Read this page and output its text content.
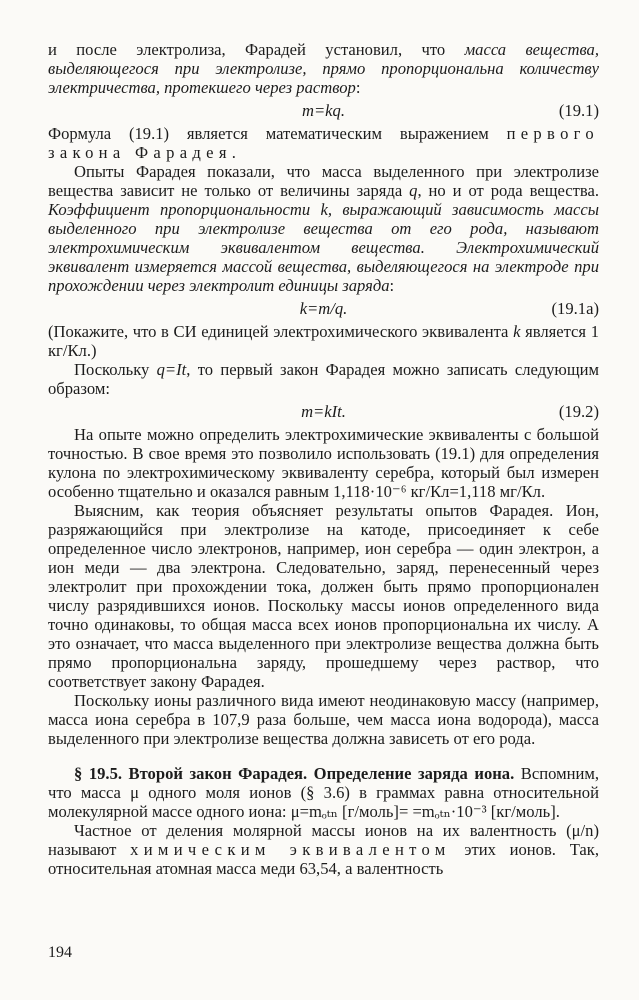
и после электролиза, Фарадей установил, что масса вещества, выделяющегося при электролизе, прямо пропорциональна количеству электричества, протекшего через раствор:

m=kq.	(19.1)

Формула (19.1) является математическим выражением первого закона Фарадея.

Опыты Фарадея показали, что масса выделенного при электролизе вещества зависит не только от величины заряда q, но и от рода вещества. Коэффициент пропорциональности k, выражающий зависимость массы выделенного при электролизе вещества от его рода, называют электрохимическим эквивалентом вещества. Электрохимический эквивалент измеряется массой вещества, выделяющегося на электроде при прохождении через электролит единицы заряда:

k=m/q.	(19.1a)

(Покажите, что в СИ единицей электрохимического эквивалента k является 1 кг/Кл.)

Поскольку q=It, то первый закон Фарадея можно записать следующим образом:

m=kIt.	(19.2)

На опыте можно определить электрохимические эквиваленты с большой точностью. В свое время это позволило использовать (19.1) для определения кулона по электрохимическому эквиваленту серебра, который был измерен особенно тщательно и оказался равным 1,118·10⁻⁶ кг/Кл=1,118 мг/Кл.

Выясним, как теория объясняет результаты опытов Фарадея. Ион, разряжающийся при электролизе на катоде, присоединяет к себе определенное число электронов, например, ион серебра — один электрон, а ион меди — два электрона. Следовательно, заряд, перенесенный через электролит при прохождении тока, должен быть прямо пропорционален числу разрядившихся ионов. Поскольку массы ионов определенного вида точно одинаковы, то общая масса всех ионов пропорциональна их числу. А это означает, что масса выделенного при электролизе вещества должна быть прямо пропорциональна заряду, прошедшему через раствор, что соответствует закону Фарадея.

Поскольку ионы различного вида имеют неодинаковую массу (например, масса иона серебра в 107,9 раза больше, чем масса иона водорода), масса выделенного при электролизе вещества должна зависеть от его рода.

§ 19.5. Второй закон Фарадея. Определение заряда иона. Вспомним, что масса μ одного моля ионов (§ 3.6) в граммах равна относительной молекулярной массе одного иона: μ=mₒₜₙ [г/моль]= =mₒₜₙ·10⁻³ [кг/моль].

Частное от деления молярной массы ионов на их валентность (μ/n) называют химическим эквивалентом этих ионов. Так, относительная атомная масса меди 63,54, а валентность

194
